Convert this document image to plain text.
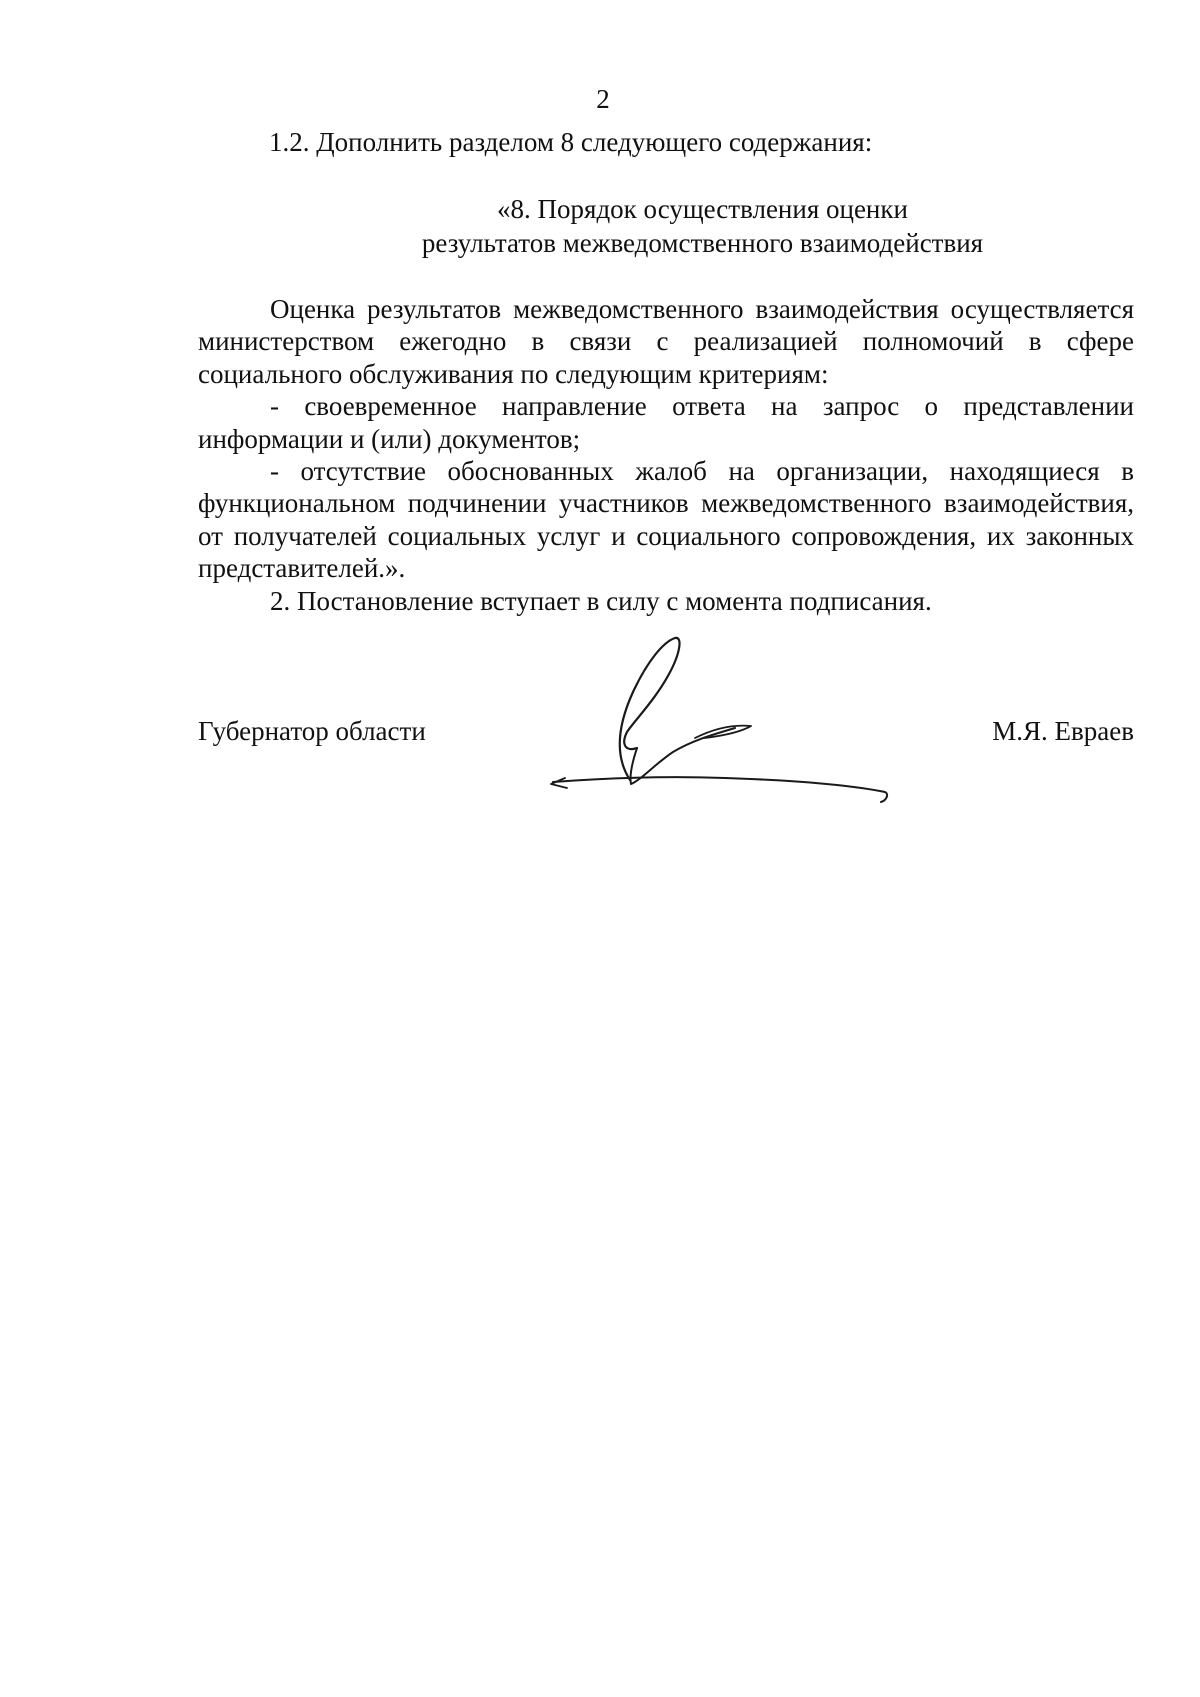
2
1.2. Дополнить разделом 8 следующего содержания:
«8. Порядок осуществления оценки
результатов межведомственного взаимодействия

Оценка результатов межведомственного взаимодействия осуществляется министерством ежегодно в связи с реализацией полномочий в сфере социального обслуживания по следующим критериям:

- своевременное направление ответа на запрос о представлении информации и (или) документов;

- отсутствие обоснованных жалоб на организации, находящиеся в функциональном подчинении участников межведомственного взаимодействия, от получателей социальных услуг и социального сопровождения, их законных представителей.».

2. Постановление вступает в силу с момента подписания.

Губернатор области	М.Я. Евраев
